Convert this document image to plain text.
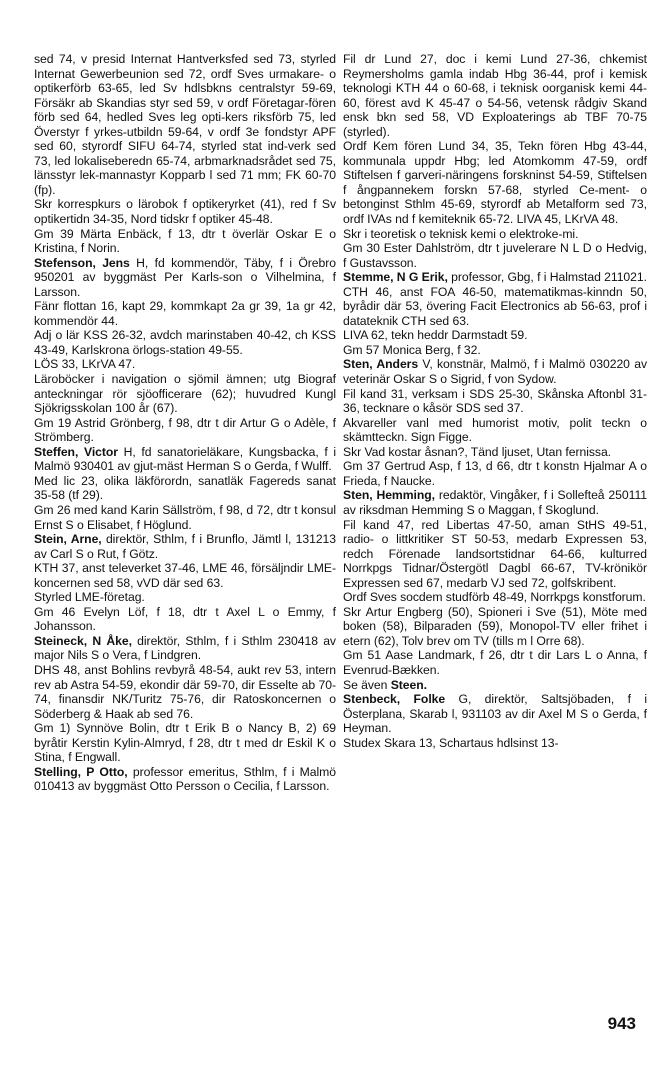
sed 74, v presid Internat Hantverksfed sed 73, styrled Internat Gewerbeunion sed 72, ordf Sves urmakare- o optikerförb 63-65, led Sv hdlsbkns centralstyr 59-69, Försäkr ab Skandias styr sed 59, v ordf Företagar-fören förb sed 64, hedled Sves leg opti-kers riksförb 75, led Överstyr f yrkes-utbildn 59-64, v ordf 3e fondstyr APF sed 60, styrordf SIFU 64-74, styrled stat ind-verk sed 73, led lokaliseberedn 65-74, arbmarknadsrådet sed 75, länsstyr lek-mannastyr Kopparb l sed 71 mm; FK 60-70 (fp).

Skr korrespkurs o lärobok f optikeryrket (41), red f Sv optikertidn 34-35, Nord tidskr f optiker 45-48.

Gm 39 Märta Enbäck, f 13, dtr t överlär Oskar E o Kristina, f Norin.

Stefenson, Jens H, fd kommendör, Täby, f i Örebro 950201 av byggmäst Per Karls-son o Vilhelmina, f Larsson.

Fänr flottan 16, kapt 29, kommkapt 2a gr 39, 1a gr 42, kommendör 44.

Adj o lär KSS 26-32, avdch marinstaben 40-42, ch KSS 43-49, Karlskrona örlogs-station 49-55.

LÖS 33, LKrVA 47.

Läroböcker i navigation o sjömil ämnen; utg Biograf anteckningar rör sjöofficerare (62); huvudred Kungl Sjökrigsskolan 100 år (67).

Gm 19 Astrid Grönberg, f 98, dtr t dir Artur G o Adèle, f Strömberg.

Steffen, Victor H, fd sanatorieläkare, Kungsbacka, f i Malmö 930401 av gjut-mäst Herman S o Gerda, f Wulff.

Med lic 23, olika läkförordn, sanatläk Fagereds sanat 35-58 (tf 29).

Gm 26 med kand Karin Sällström, f 98, d 72, dtr t konsul Ernst S o Elisabet, f Höglund.

Stein, Arne, direktör, Sthlm, f i Brunflo, Jämtl l, 131213 av Carl S o Rut, f Götz.

KTH 37, anst televerket 37-46, LME 46, försäljndir LME-koncernen sed 58, vVD där sed 63.

Styrled LME-företag.

Gm 46 Evelyn Löf, f 18, dtr t Axel L o Emmy, f Johansson.

Steineck, N Åke, direktör, Sthlm, f i Sthlm 230418 av major Nils S o Vera, f Lindgren.

DHS 48, anst Bohlins revbyrå 48-54, aukt rev 53, intern rev ab Astra 54-59, ekondir där 59-70, dir Esselte ab 70-74, finansdir NK/Turitz 75-76, dir Ratoskoncernen o Söderberg & Haak ab sed 76.

Gm 1) Synnöve Bolin, dtr t Erik B o Nancy B, 2) 69 byråtir Kerstin Kylin-Almryd, f 28, dtr t med dr Eskil K o Stina, f Engwall.

Stelling, P Otto, professor emeritus, Sthlm, f i Malmö 010413 av byggmäst Otto Persson o Cecilia, f Larsson.

Fil dr Lund 27, doc i kemi Lund 27-36, chkemist Reymersholms gamla indab Hbg 36-44, prof i kemisk teknologi KTH 44 o 60-68, i teknisk oorganisk kemi 44-60, förest avd K 45-47 o 54-56, vetensk rådgiv Skand ensk bkn sed 58, VD Exploaterings ab TBF 70-75 (styrled).

Ordf Kem fören Lund 34, 35, Tekn fören Hbg 43-44, kommunala uppdr Hbg; led Atomkomm 47-59, ordf Stiftelsen f garveri-näringens forskninst 54-59, Stiftelsen f ångpannekem forskn 57-68, styrled Ce-ment- o betonginst Sthlm 45-69, styrordf ab Metalform sed 73, ordf IVAs nd f kemiteknik 65-72. LIVA 45, LKrVA 48.

Skr i teoretisk o teknisk kemi o elektroke-mi.

Gm 30 Ester Dahlström, dtr t juvelerare N L D o Hedvig, f Gustavsson.

Stemme, N G Erik, professor, Gbg, f i Halmstad 211021.

CTH 46, anst FOA 46-50, matematikmas-kinndn 50, byrådir där 53, övering Facit Electronics ab 56-63, prof i datateknik CTH sed 63.

LIVA 62, tekn heddr Darmstadt 59.

Gm 57 Monica Berg, f 32.

Sten, Anders V, konstnär, Malmö, f i Malmö 030220 av veterinär Oskar S o Sigrid, f von Sydow.

Fil kand 31, verksam i SDS 25-30, Skånska Aftonbl 31-36, tecknare o kåsör SDS sed 37.

Akvareller vanl med humorist motiv, polit teckn o skämtteckn. Sign Figge.

Skr Vad kostar åsnan?, Tänd ljuset, Utan fernissa.

Gm 37 Gertrud Asp, f 13, d 66, dtr t konstn Hjalmar A o Frieda, f Naucke.

Sten, Hemming, redaktör, Vingåker, f i Sollefteå 250111 av riksdman Hemming S o Maggan, f Skoglund.

Fil kand 47, red Libertas 47-50, aman StHS 49-51, radio- o littkritiker ST 50-53, medarb Expressen 53, redch Förenade landsortstidnar 64-66, kulturred Norrkpgs Tidnar/Östergötl Dagbl 66-67, TV-krönikör Expressen sed 67, medarb VJ sed 72, golfskribent.

Ordf Sves socdem studförb 48-49, Norrkpgs konstforum.

Skr Artur Engberg (50), Spioneri i Sve (51), Möte med boken (58), Bilparaden (59), Monopol-TV eller frihet i etern (62), Tolv brev om TV (tills m l Orre 68).

Gm 51 Aase Landmark, f 26, dtr t dir Lars L o Anna, f Evenrud-Bækken.

Se även Steen.

Stenbeck, Folke G, direktör, Saltsjöbaden, f i Österplana, Skarab l, 931103 av dir Axel M S o Gerda, f Heyman.

Studex Skara 13, Schartaus hdlsinst 13-

943
